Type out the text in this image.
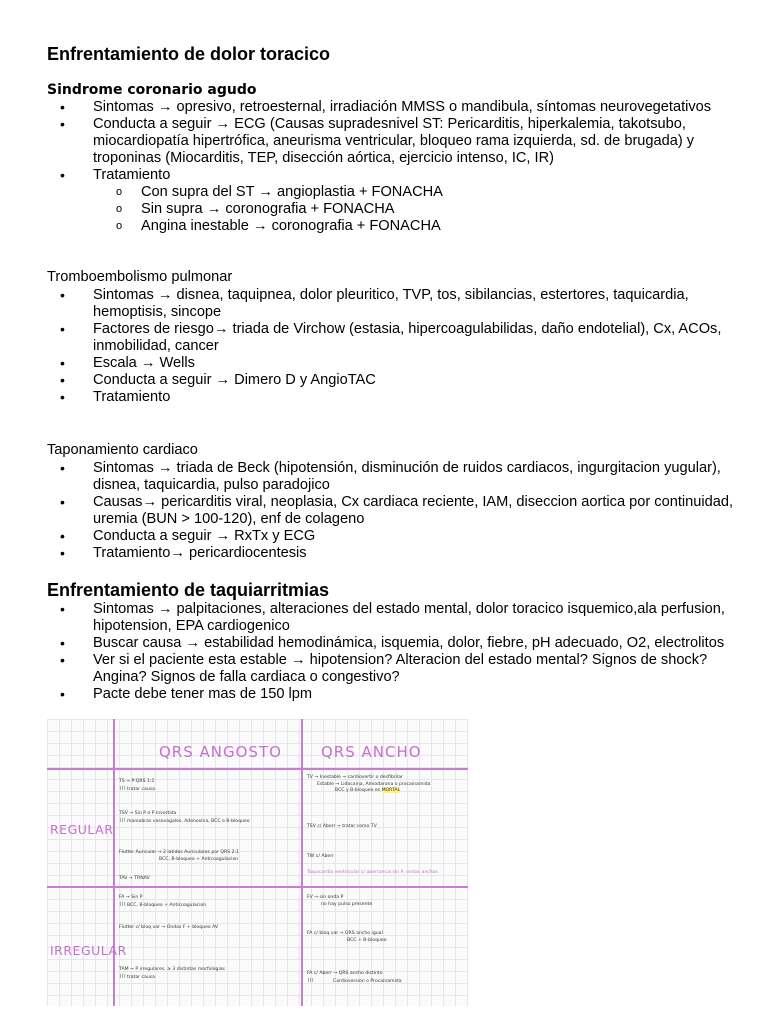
Enfrentamiento de dolor toracico
Sindrome coronario agudo
• Sintomas → opresivo, retroesternal, irradiación MMSS o mandibula, síntomas neurovegetativos
• Conducta a seguir → ECG (Causas supradesnivel ST: Pericarditis, hiperkalemia, takotsubo, miocardiopatía hipertrófica, aneurisma ventricular, bloqueo rama izquierda, sd. de brugada) y troponinas (Miocarditis, TEP, disección aórtica, ejercicio intenso, IC, IR)
• Tratamiento
o Con supra del ST → angioplastia + FONACHA
o Sin supra → coronografia + FONACHA
o Angina inestable → coronografia + FONACHA
Tromboembolismo pulmonar
• Sintomas → disnea, taquipnea, dolor pleuritico, TVP, tos, sibilancias, estertores, taquicardia, hemoptisis, sincope
• Factores de riesgo→ triada de Virchow (estasia, hipercoagulabilidas, daño endotelial), Cx, ACOs, inmobilidad, cancer
• Escala → Wells
• Conducta a seguir → Dimero D y AngioTAC
• Tratamiento
Taponamiento cardiaco
• Sintomas → triada de Beck (hipotensión, disminución de ruidos cardiacos, ingurgitacion yugular), disnea, taquicardia, pulso paradojico
• Causas→ pericarditis viral, neoplasia, Cx cardiaca reciente, IAM, diseccion aortica por continuidad, uremia (BUN > 100-120), enf de colageno
• Conducta a seguir → RxTx y ECG
• Tratamiento→ pericardiocentesis
Enfrentamiento de taquiarritmias
• Sintomas → palpitaciones, alteraciones del estado mental, dolor toracico isquemico,ala perfusion, hipotension, EPA cardiogenico
• Buscar causa → estabilidad hemodinámica, isquemia, dolor, fiebre, pH adecuado, O2, electrolitos
• Ver si el paciente esta estable → hipotension? Alteracion del estado mental? Signos de shock? Angina? Signos de falla cardiaca o congestivo?
• Pacte debe tener mas de 150 lpm
QRS ANGOSTO	QRS ANCHO
REGULAR
IRREGULAR
TS → P:QRS 1:1
⌇⌇⌇ tratar causa
TSV → Sin P o P invertida
⌇⌇⌇ maniobras vasovagales, Adenosina, BCC o B-bloqueo
Flutter Auricular → 2 latidos Auriculares por QRS 2:1
BCC, B-bloqueo + Anticoagulacion
TAV → TRNAV
TV → Inestable → cardiovertir o desfibrilar
Estable → Lidocaina, Amiodarona o procainamida
BCC y B-bloqueo es MORTAL
TSV c/ Aberr → tratar como TV
TW c/ Aberr
Taquicardia ventricular c/ aberrancia sin P, ondas anchas
FA → Sin P
⌇⌇⌇ BCC, B-bloqueo + Anticoagulacion
Flutter c/ bloq var → Ondas F + bloqueo AV
TAM → P irregulares, ≥ 3 distintas morfologias
⌇⌇⌇ tratar causa
FV → sin onda P
no hay pulso presente
FA c/ bloq var → QRS ancho igual
BCC + B-bloqueo
FA c/ Aberr → QRS ancho distinto
⌇⌇⌇	Cardioversion o Procainamida
